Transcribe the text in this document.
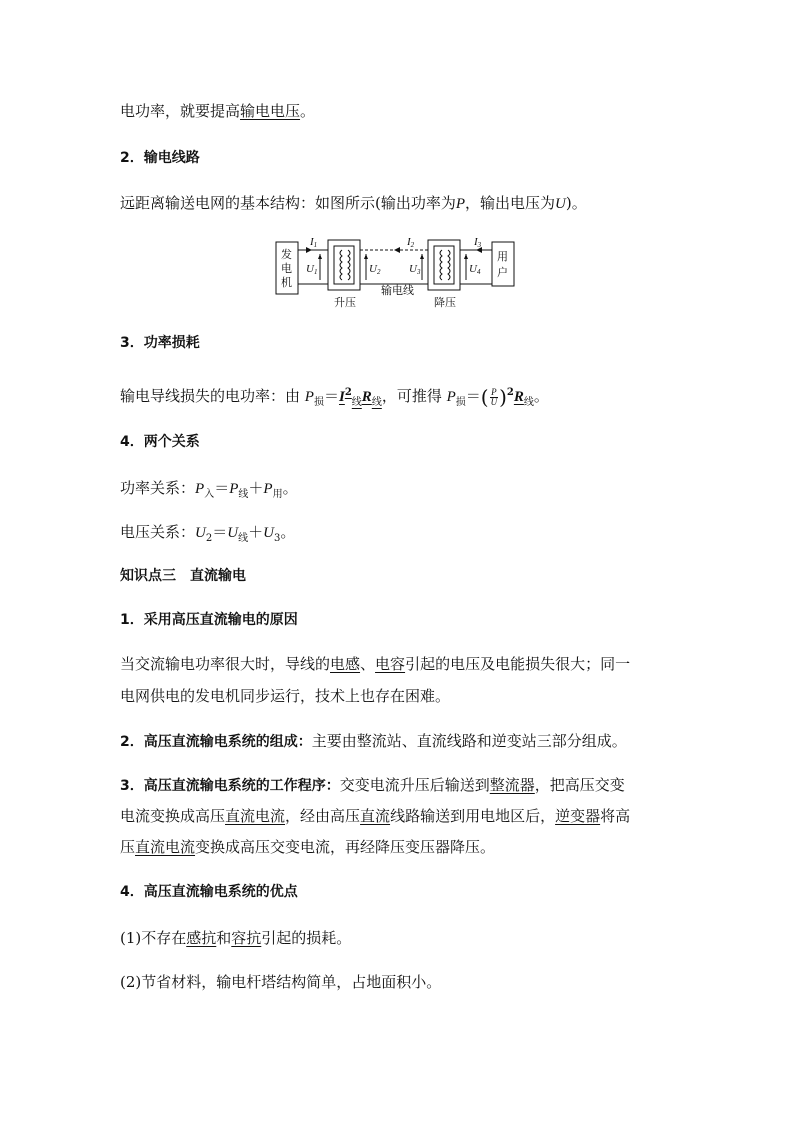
电功率，就要提高输电电压。
2．输电线路
远距离输送电网的基本结构：如图所示(输出功率为P，输出电压为U)。
发
电
机
用
户
I1	I2	I3
U1	U2	U3	U4
升压
输电线
降压
3．功率损耗
输电导线损失的电功率：由 $P_损=I^2_线R_线$，可推得 $P_损=( \frac{P}{U} )^2R_线$。
4．两个关系
功率关系：$P_入=P_线+P_用$。
电压关系：$U_2=U_线+U_3$。
知识点三　直流输电
1．采用高压直流输电的原因
当交流输电功率很大时，导线的电感、电容引起的电压及电能损失很大；同一
电网供电的发电机同步运行，技术上也存在困难。
2．高压直流输电系统的组成：主要由整流站、直流线路和逆变站三部分组成。
3．高压直流输电系统的工作程序：交变电流升压后输送到整流器，把高压交变
电流变换成高压直流电流，经由高压直流线路输送到用电地区后，逆变器将高
压直流电流变换成高压交变电流，再经降压变压器降压。
4．高压直流输电系统的优点
(1)不存在感抗和容抗引起的损耗。
(2)节省材料，输电杆塔结构简单，占地面积小。
